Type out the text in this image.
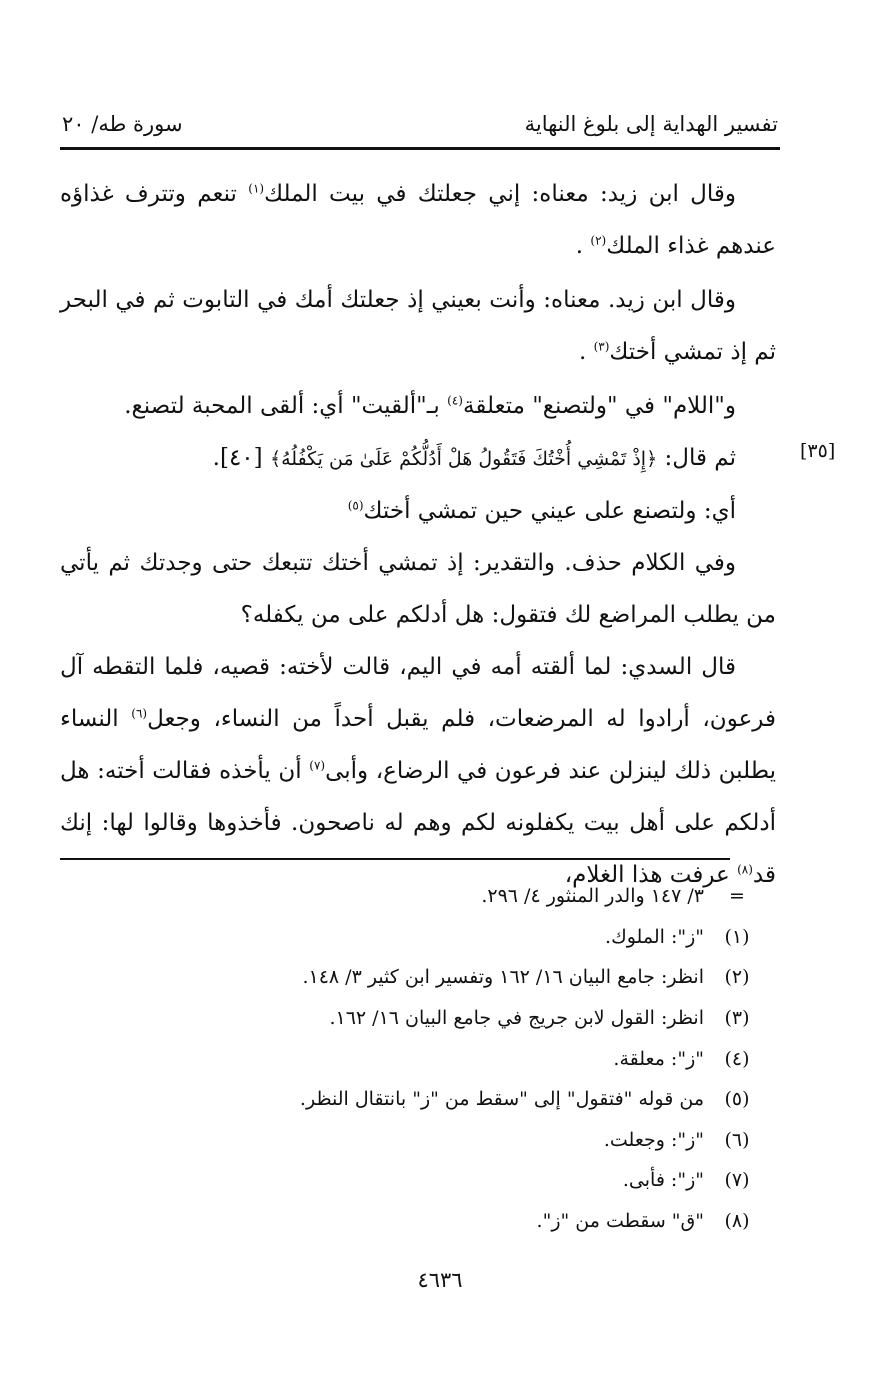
تفسير الهداية إلى بلوغ النهاية
سورة طه/ ٢٠
[٣٥]

وقال ابن زيد: معناه: إني جعلتك في بيت الملك$^{(١)}$ تنعم وتترف غذاؤه عندهم غذاء الملك$^{(٢)}$ .

وقال ابن زيد. معناه: وأنت بعيني إذ جعلتك أمك في التابوت ثم في البحر ثم إذ تمشي أختك$^{(٣)}$ .

و"اللام" في "ولتصنع" متعلقة$^{(٤)}$ بـ"ألقيت" أي: ألقى المحبة لتصنع.

ثم قال: ﴿إِذْ تَمْشِي أُخْتُكَ فَتَقُولُ هَلْ أَدُلُّكُمْ عَلَىٰ مَن يَكْفُلُهُ﴾ [٤٠].

أي: ولتصنع على عيني حين تمشي أختك$^{(٥)}$

وفي الكلام حذف. والتقدير: إذ تمشي أختك تتبعك حتى وجدتك ثم يأتي من يطلب المراضع لك فتقول: هل أدلكم على من يكفله؟

قال السدي: لما ألقته أمه في اليم، قالت لأخته: قصيه، فلما التقطه آل فرعون، أرادوا له المرضعات، فلم يقبل أحداً من النساء، وجعل$^{(٦)}$ النساء يطلبن ذلك لينزلن عند فرعون في الرضاع، وأبى$^{(٧)}$ أن يأخذه فقالت أخته: هل أدلكم على أهل بيت يكفلونه لكم وهم له ناصحون. فأخذوها وقالوا لها: إنك قد$^{(٨)}$ عرفت هذا الغلام،

=
٣/ ١٤٧ والدر المنثور ٤/ ٢٩٦.
(١)
"ز": الملوك.
(٢)
انظر: جامع البيان ١٦/ ١٦٢ وتفسير ابن كثير ٣/ ١٤٨.
(٣)
انظر: القول لابن جريج في جامع البيان ١٦/ ١٦٢.
(٤)
"ز": معلقة.
(٥)
من قوله "فتقول" إلى "سقط من "ز" بانتقال النظر.
(٦)
"ز": وجعلت.
(٧)
"ز": فأبى.
(٨)
"ق" سقطت من "ز".
٤٦٣٦
